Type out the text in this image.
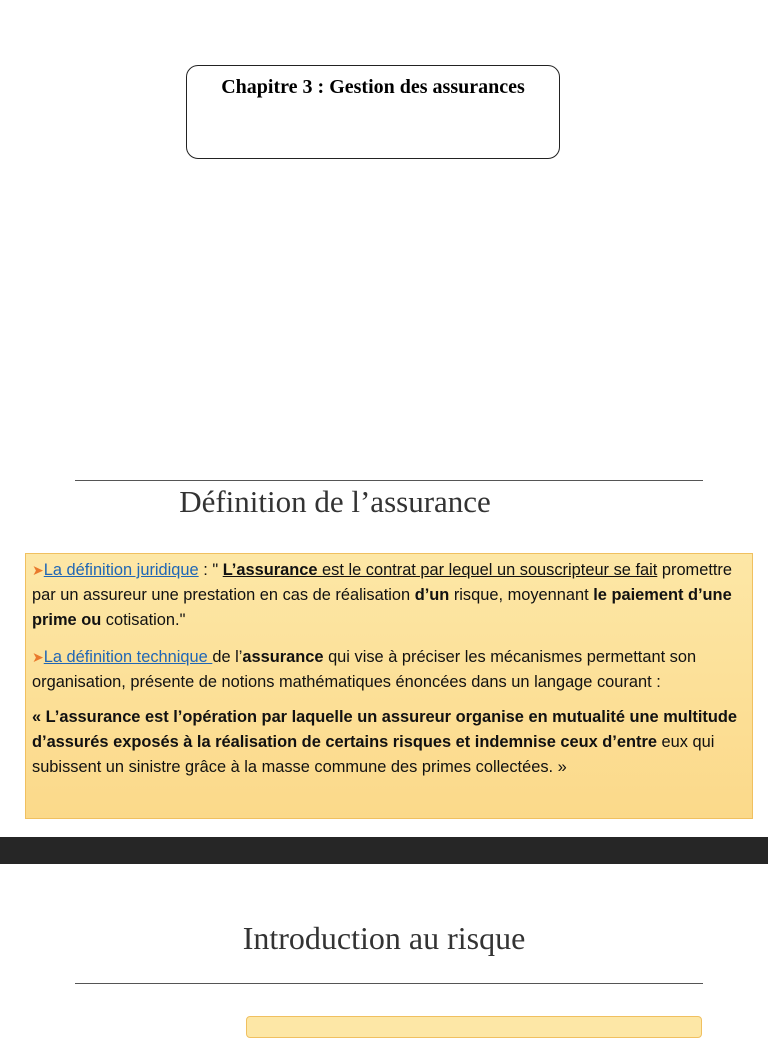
Chapitre 3 : Gestion des assurances
Définition de l’assurance

➤La définition juridique : " L’assurance est le contrat par lequel un souscripteur se fait promettre par un assureur une prestation en cas de réalisation d’un risque, moyennant le paiement d’une prime ou cotisation."

➤La définition technique de l’assurance qui vise à préciser les mécanismes permettant son organisation, présente de notions mathématiques énoncées dans un langage courant :

« L’assurance est l’opération par laquelle un assureur organise en mutualité une multitude d’assurés exposés à la réalisation de certains risques et indemnise ceux d’entre eux qui subissent un sinistre grâce à la masse commune des primes collectées. »

Introduction au risque
